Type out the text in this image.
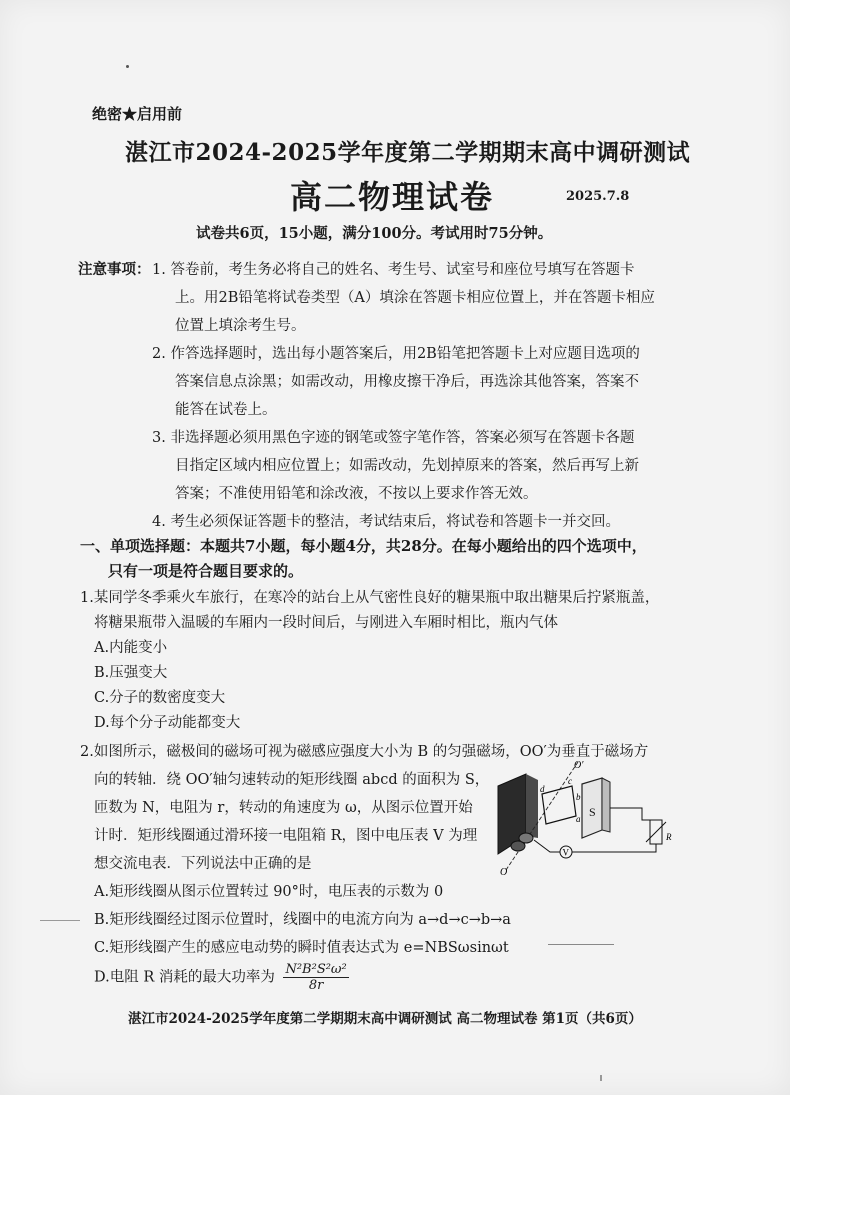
绝密★启用前
湛江市2024-2025学年度第二学期期末高中调研测试
高二物理试卷	2025.7.8
试卷共6页，15小题，满分100分。考试用时75分钟。
注意事项： 1. 答卷前，考生务必将自己的姓名、考生号、试室号和座位号填写在答题卡
上。用2B铅笔将试卷类型（A）填涂在答题卡相应位置上，并在答题卡相应
位置上填涂考生号。
2. 作答选择题时，选出每小题答案后，用2B铅笔把答题卡上对应题目选项的
答案信息点涂黑；如需改动，用橡皮擦干净后，再选涂其他答案，答案不
能答在试卷上。
3. 非选择题必须用黑色字迹的钢笔或签字笔作答，答案必须写在答题卡各题
目指定区域内相应位置上；如需改动，先划掉原来的答案，然后再写上新
答案；不准使用铅笔和涂改液，不按以上要求作答无效。
4. 考生必须保证答题卡的整洁，考试结束后，将试卷和答题卡一并交回。
一、单项选择题：本题共7小题，每小题4分，共28分。在每小题给出的四个选项中，
只有一项是符合题目要求的。
1.某同学冬季乘火车旅行，在寒冷的站台上从气密性良好的糖果瓶中取出糖果后拧紧瓶盖，
将糖果瓶带入温暖的车厢内一段时间后，与刚进入车厢时相比，瓶内气体
A.内能变小
B.压强变大
C.分子的数密度变大
D.每个分子动能都变大
2.如图所示，磁极间的磁场可视为磁感应强度大小为 B 的匀强磁场，OO′为垂直于磁场方
向的转轴．绕 OO′轴匀速转动的矩形线圈 abcd 的面积为 S，
匝数为 N，电阻为 r，转动的角速度为 ω，从图示位置开始
计时．矩形线圈通过滑环接一电阻箱 R，图中电压表 V 为理
想交流电表．下列说法中正确的是
S
O′
O
c
b
a
d
V
R
A.矩形线圈从图示位置转过 90°时，电压表的示数为 0
B.矩形线圈经过图示位置时，线圈中的电流方向为 a→d→c→b→a
C.矩形线圈产生的感应电动势的瞬时值表达式为 e=NBSωsinωt
D.电阻 R 消耗的最大功率为 $\frac{\text{N²B²S²ω²}}{8r}$
湛江市2024-2025学年度第二学期期末高中调研测试 高二物理试卷 第1页（共6页）
